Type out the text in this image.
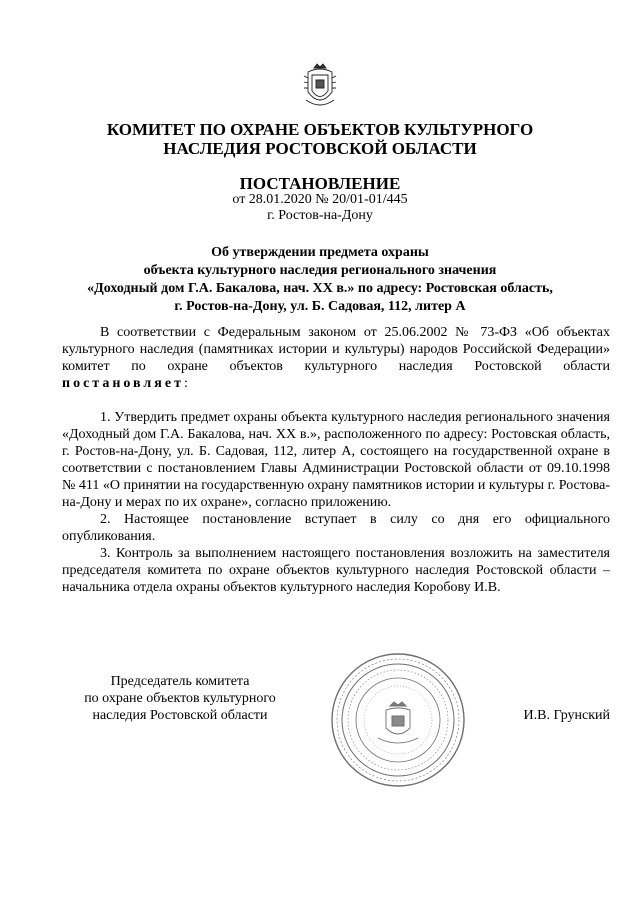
КОМИТЕТ ПО ОХРАНЕ ОБЪЕКТОВ КУЛЬТУРНОГО
НАСЛЕДИЯ РОСТОВСКОЙ ОБЛАСТИ
ПОСТАНОВЛЕНИЕ
от 28.01.2020 № 20/01-01/445
г. Ростов-на-Дону
Об утверждении предмета охраны
объекта культурного наследия регионального значения
«Доходный дом Г.А. Бакалова, нач. XX в.» по адресу: Ростовская область,
г. Ростов-на-Дону, ул. Б. Садовая, 112, литер А

В соответствии с Федеральным законом от 25.06.2002 № 73-ФЗ «Об объектах культурного наследия (памятниках истории и культуры) народов Российской Федерации» комитет по охране объектов культурного наследия Ростовской области постановляет:

1. Утвердить предмет охраны объекта культурного наследия регионального значения «Доходный дом Г.А. Бакалова, нач. XX в.», расположенного по адресу: Ростовская область, г. Ростов-на-Дону, ул. Б. Садовая, 112, литер А, состоящего на государственной охране в соответствии с постановлением Главы Администрации Ростовской области от 09.10.1998 № 411 «О принятии на государственную охрану памятников истории и культуры г. Ростова-на-Дону и мерах по их охране», согласно приложению.

2. Настоящее постановление вступает в силу со дня его официального опубликования.

3. Контроль за выполнением настоящего постановления возложить на заместителя председателя комитета по охране объектов культурного наследия Ростовской области – начальника отдела охраны объектов культурного наследия Коробову И.В.

Председатель комитета
по охране объектов культурного
наследия Ростовской области	И.В. Грунский
